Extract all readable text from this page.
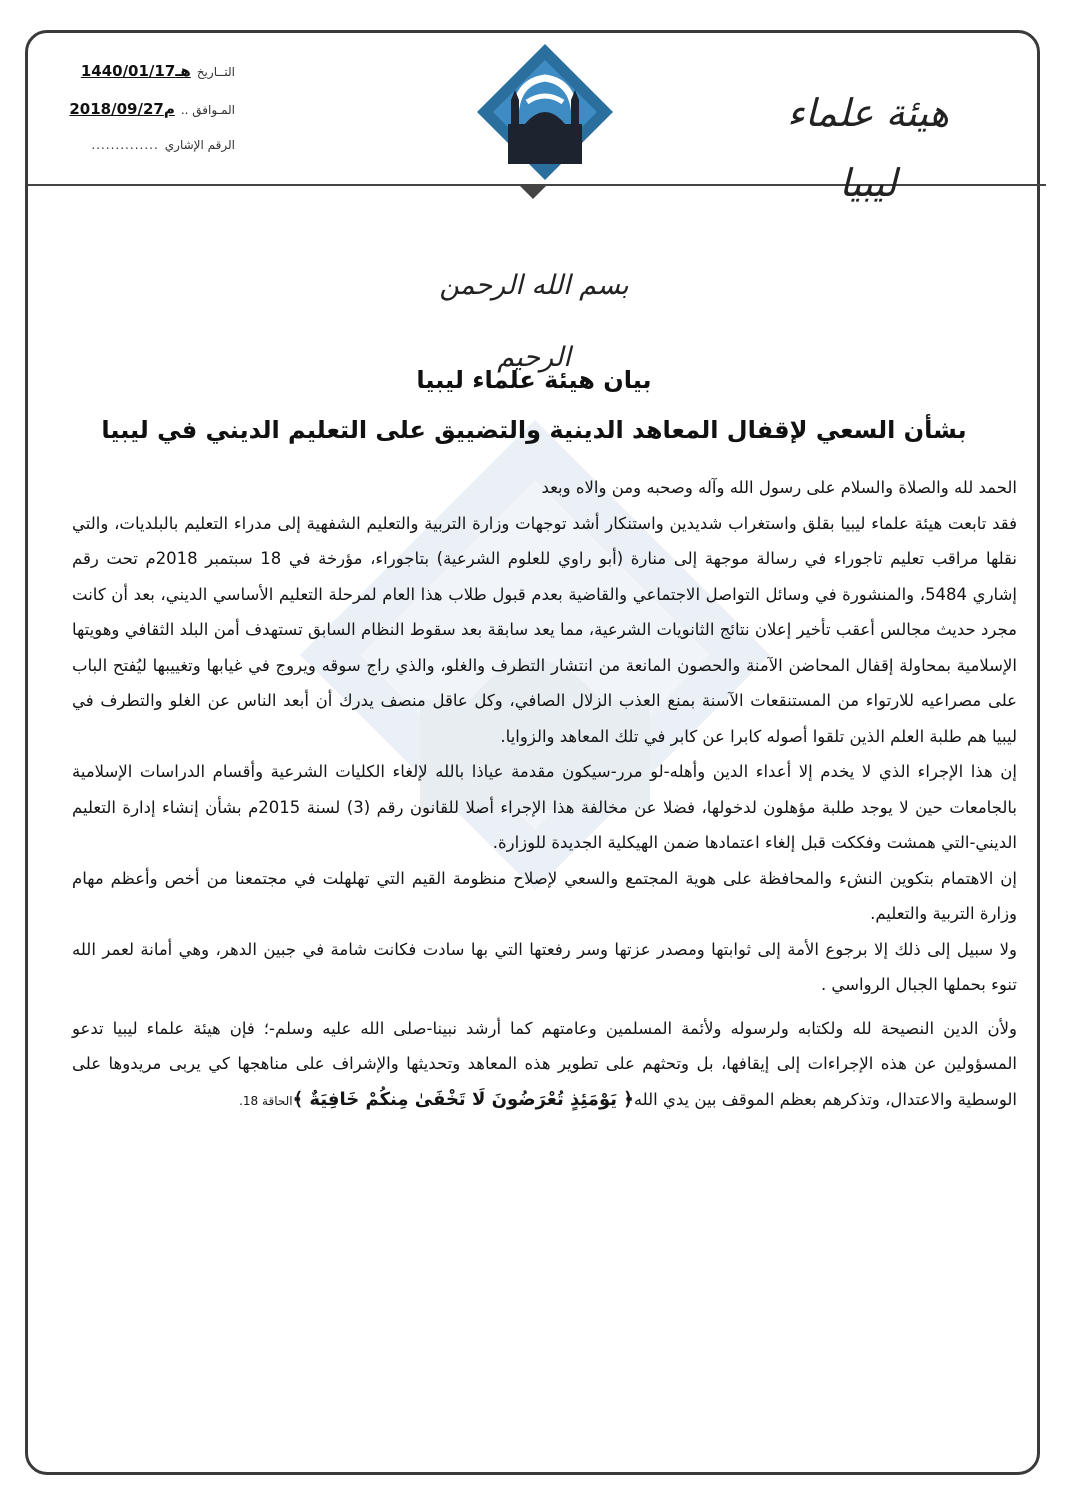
التــاريخ
1440/01/17هـ
المـوافق ..
2018/09/27م
الرقم الإشاري
..............
هيئة علماء ليبيا
بسم الله الرحمن الرحيم
بيان هيئة علماء ليبيا
بشأن السعي لإقفال المعاهد الدينية والتضييق على التعليم الديني في ليبيا

الحمد لله والصلاة والسلام على رسول الله وآله وصحبه ومن والاه وبعد

فقد تابعت هيئة علماء ليبيا بقلق واستغراب شديدين واستنكار أشد توجهات وزارة التربية والتعليم الشفهية إلى مدراء التعليم بالبلديات، والتي نقلها مراقب تعليم تاجوراء في رسالة موجهة إلى منارة (أبو راوي للعلوم الشرعية) بتاجوراء، مؤرخة في 18 سبتمبر 2018م تحت رقم إشاري 5484، والمنشورة في وسائل التواصل الاجتماعي والقاضية بعدم قبول طلاب هذا العام لمرحلة التعليم الأساسي الديني، بعد أن كانت مجرد حديث مجالس أعقب تأخير إعلان نتائج الثانويات الشرعية، مما يعد سابقة بعد سقوط النظام السابق تستهدف أمن البلد الثقافي وهويتها الإسلامية بمحاولة إقفال المحاضن الآمنة والحصون المانعة من انتشار التطرف والغلو، والذي راج سوقه ويروج في غيابها وتغييبها ليُفتح الباب على مصراعيه للارتواء من المستنقعات الآسنة بمنع العذب الزلال الصافي، وكل عاقل منصف يدرك أن أبعد الناس عن الغلو والتطرف في ليبيا هم طلبة العلم الذين تلقوا أصوله كابرا عن كابر في تلك المعاهد والزوايا.

إن هذا الإجراء الذي لا يخدم إلا أعداء الدين وأهله-لو مرر-سيكون مقدمة عياذا بالله لإلغاء الكليات الشرعية وأقسام الدراسات الإسلامية بالجامعات حين لا يوجد طلبة مؤهلون لدخولها، فضلا عن مخالفة هذا الإجراء أصلا للقانون رقم (3) لسنة 2015م بشأن إنشاء إدارة التعليم الديني-التي همشت وفككت قبل إلغاء اعتمادها ضمن الهيكلية الجديدة للوزارة.

إن الاهتمام بتكوين النشء والمحافظة على هوية المجتمع والسعي لإصلاح منظومة القيم التي تهلهلت في مجتمعنا من أخص وأعظم مهام وزارة التربية والتعليم.

ولا سبيل إلى ذلك إلا برجوع الأمة إلى ثوابتها ومصدر عزتها وسر رفعتها التي بها سادت فكانت شامة في جبين الدهر، وهي أمانة لعمر الله تنوء بحملها الجبال الرواسي .

ولأن الدين النصيحة لله ولكتابه ولرسوله ولأئمة المسلمين وعامتهم كما أرشد نبينا-صلى الله عليه وسلم-؛ فإن هيئة علماء ليبيا تدعو المسؤولين عن هذه الإجراءات إلى إيقافها، بل وتحثهم على تطوير هذه المعاهد وتحديثها والإشراف على مناهجها كي يربى مريدوها على الوسطية والاعتدال، وتذكرهم بعظم الموقف بين يدي الله﴿ يَوْمَئِذٍ تُعْرَضُونَ لَا تَخْفَىٰ مِنكُمْ خَافِيَةٌ ﴾الحاقة 18.
